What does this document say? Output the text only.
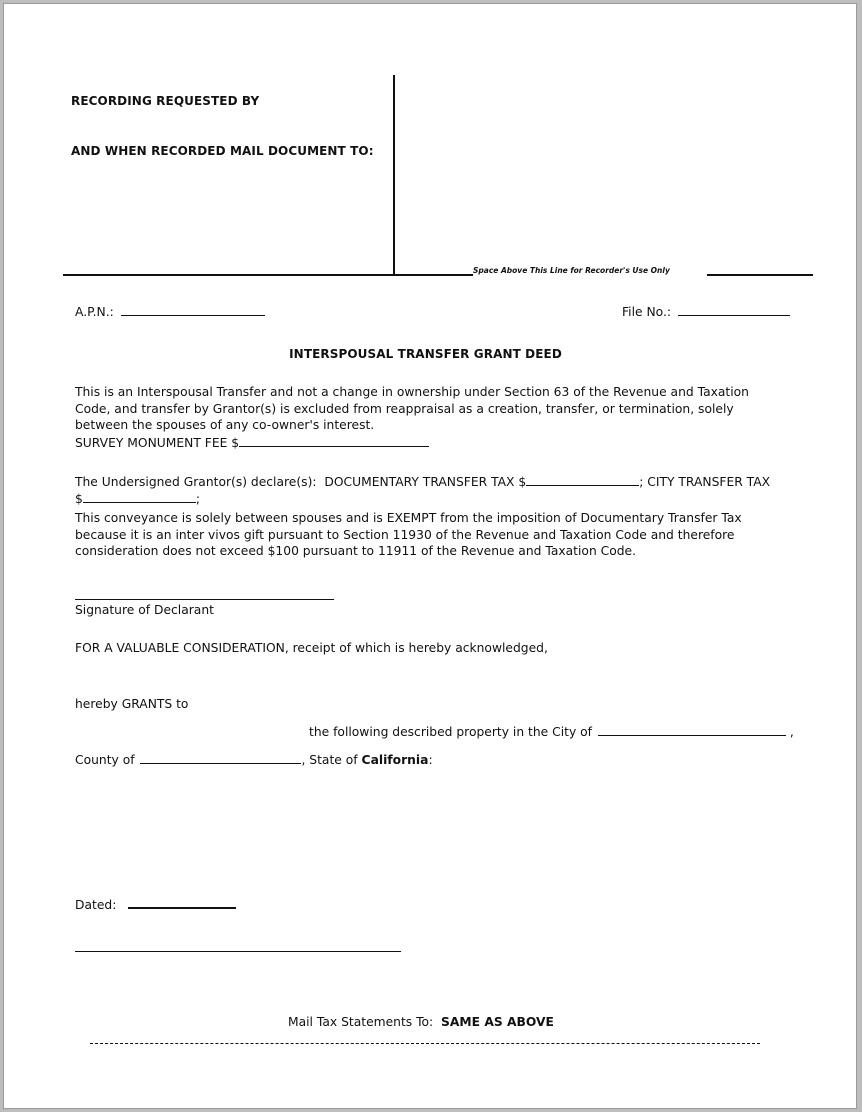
RECORDING REQUESTED BY
AND WHEN RECORDED MAIL DOCUMENT TO:
Space Above This Line for Recorder's Use Only
A.P.N.:	File No.:
INTERSPOUSAL TRANSFER GRANT DEED
This is an Interspousal Transfer and not a change in ownership under Section 63 of the Revenue and Taxation Code, and transfer by Grantor(s) is excluded from reappraisal as a creation, transfer, or termination, solely between the spouses of any co-owner's interest.
SURVEY MONUMENT FEE $
The Undersigned Grantor(s) declare(s): DOCUMENTARY TRANSFER TAX $	; CITY TRANSFER TAX
$	;
This conveyance is solely between spouses and is EXEMPT from the imposition of Documentary Transfer Tax because it is an inter vivos gift pursuant to Section 11930 of the Revenue and Taxation Code and therefore consideration does not exceed $100 pursuant to 11911 of the Revenue and Taxation Code.
Signature of Declarant
FOR A VALUABLE CONSIDERATION, receipt of which is hereby acknowledged,
hereby GRANTS to
the following described property in the City of	,
County of	, State of California:
Dated:
Mail Tax Statements To: SAME AS ABOVE
